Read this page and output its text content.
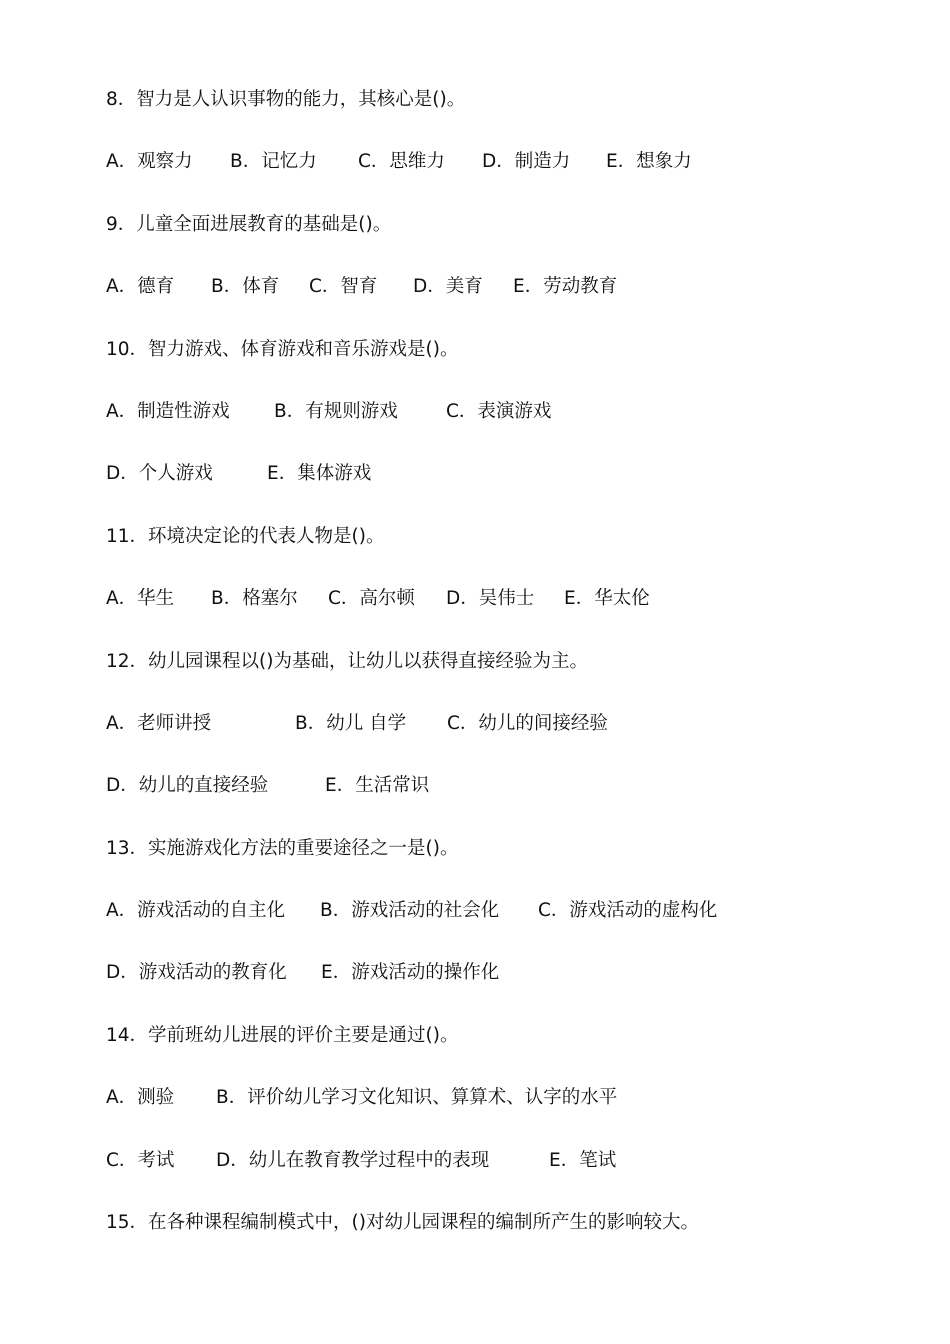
8．智力是人认识事物的能力，其核心是()。
A．观察力 B．记忆力 C．思维力 D．制造力 E．想象力
9．儿童全面进展教育的基础是()。
A．德育 B．体育 C．智育 D．美育 E．劳动教育
10．智力游戏、体育游戏和音乐游戏是()。
A．制造性游戏 B．有规则游戏	C．表演游戏
D．个人游戏	E．集体游戏
11．环境决定论的代表人物是()。
A．华生 B．格塞尔 C．高尔顿 D．吴伟士 E．华太伦
12．幼儿园课程以()为基础，让幼儿以获得直接经验为主。
A．老师讲授	B．幼儿 自学 C．幼儿的间接经验
D．幼儿的直接经验	E．生活常识
13．实施游戏化方法的重要途径之一是()。
A．游戏活动的自主化 B．游戏活动的社会化 C．游戏活动的虚构化
D．游戏活动的教育化 E．游戏活动的操作化
14．学前班幼儿进展的评价主要是通过()。
A．测验 B．评价幼儿学习文化知识、算算术、认字的水平
C．考试 D．幼儿在教育教学过程中的表现	E．笔试
15．在各种课程编制模式中，()对幼儿园课程的编制所产生的影响较大。
